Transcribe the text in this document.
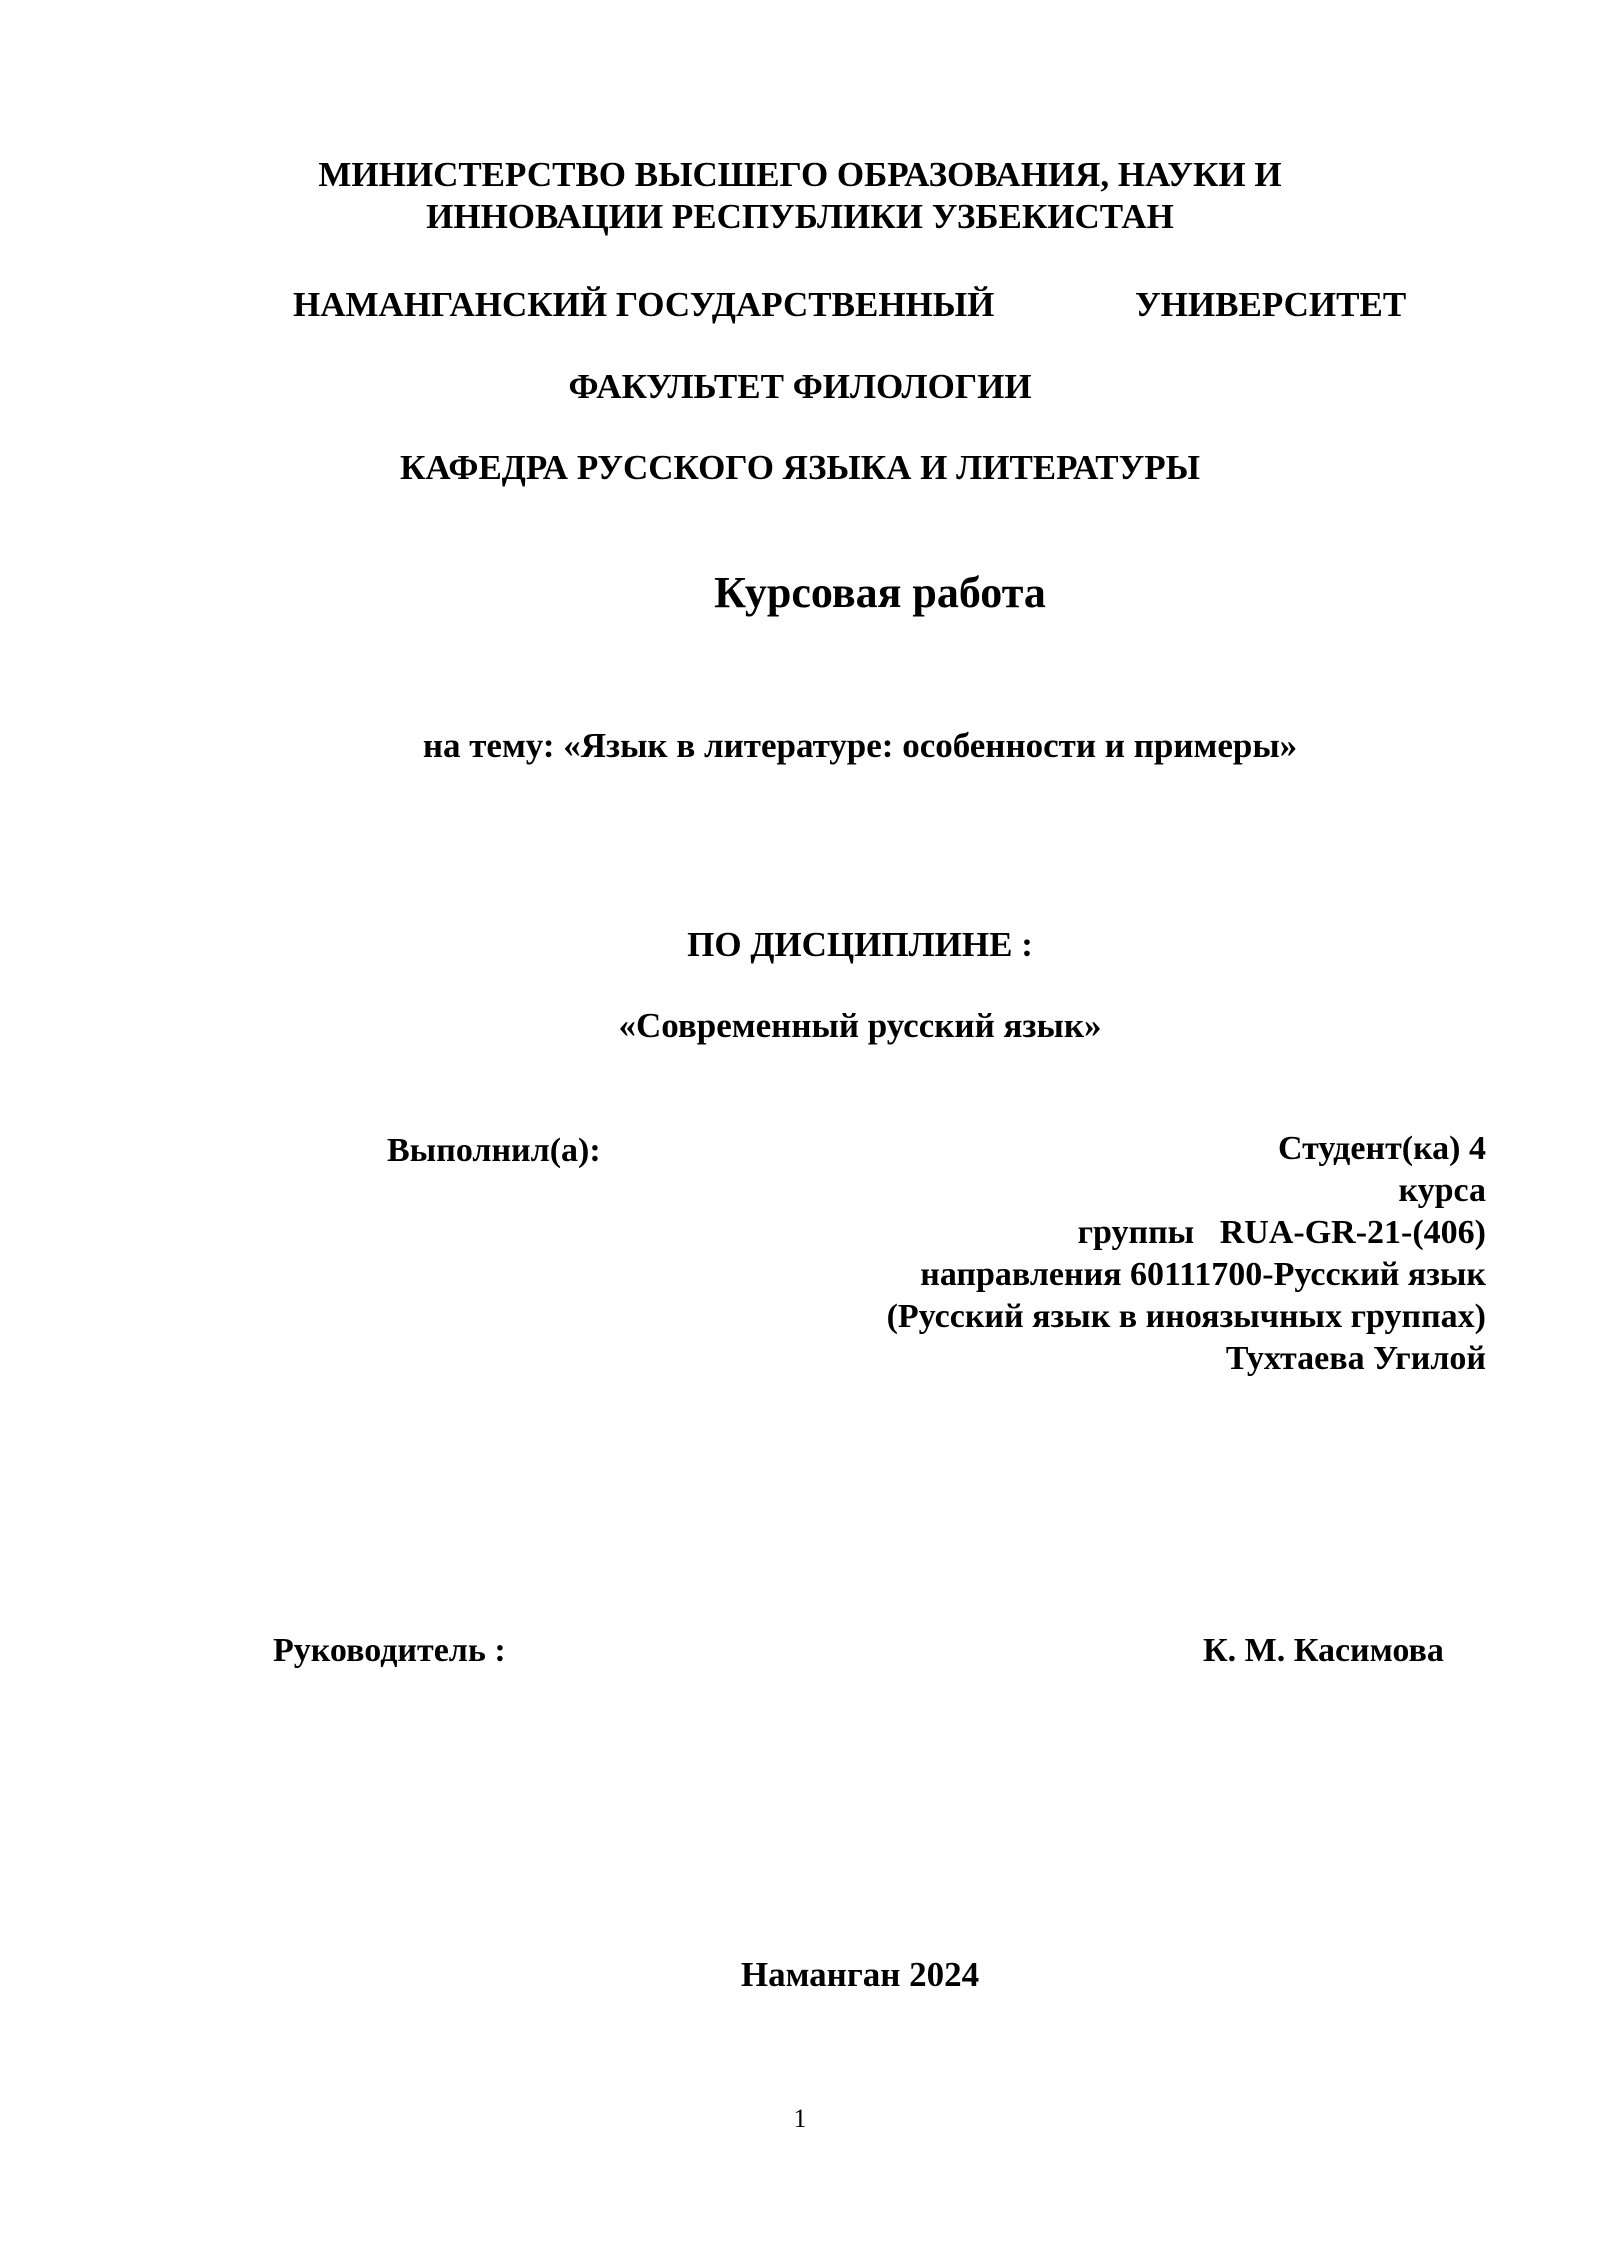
МИНИСТЕРСТВО ВЫСШЕГО ОБРАЗОВАНИЯ, НАУКИ И
ИННОВАЦИИ РЕСПУБЛИКИ УЗБЕКИСТАН
НАМАНГАНСКИЙ ГОСУДАРСТВЕННЫЙ	УНИВЕРСИТЕТ
ФАКУЛЬТЕТ ФИЛОЛОГИИ
КАФЕДРА РУССКОГО ЯЗЫКА И ЛИТЕРАТУРЫ
Курсовая работа
на тему: «Язык в литературе: особенности и примеры»
ПО ДИСЦИПЛИНЕ :
«Современный русский язык»
Выполнил(а):	Студент(ка) 4
курса
группы   RUA-GR-21-(406)
направления 60111700-Русский язык
(Русский язык в иноязычных группах)
Тухтаева Угилой
Руководитель :	К. М. Касимова
Наманган 2024
1
